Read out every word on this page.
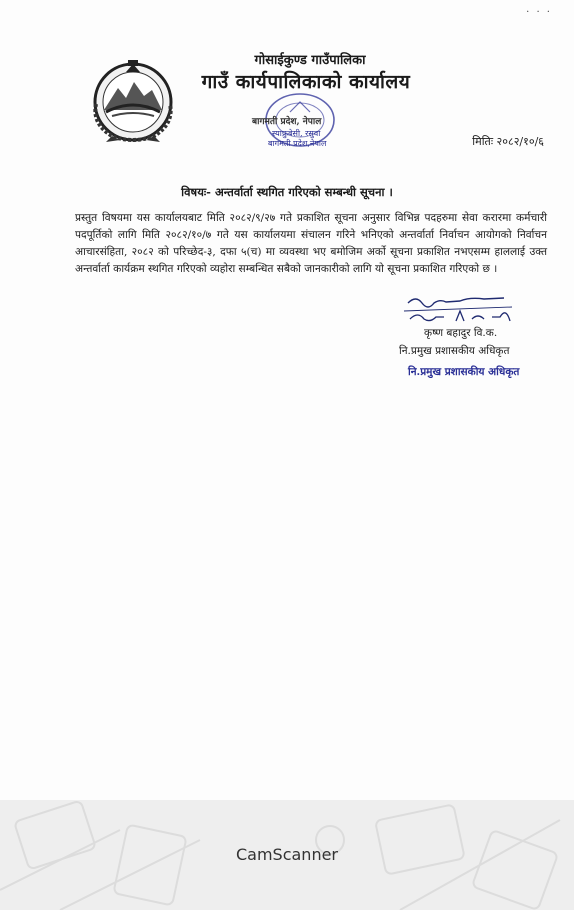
. . .
गोसाईकुण्ड गाउँपालिका
गाउँ कार्यपालिकाको कार्यालय
स्याफ्रुबेसी, रसुवा
बागमती प्रदेश,नेपाल
बागमती प्रदेश, नेपाल
मितिः २०८२/१०/६
विषयः- अन्तर्वार्ता स्थगित गरिएको सम्बन्धी सूचना ।
प्रस्तुत विषयमा यस कार्यालयबाट मिति २०८२/९/२७ गते प्रकाशित सूचना अनुसार विभिन्न पदहरुमा सेवा करारमा कर्मचारी पदपूर्तिको लागि मिति २०८२/१०/७ गते यस कार्यालयमा संचालन गरिने भनिएको अन्तर्वार्ता निर्वाचन आयोगको निर्वाचन आचारसंहिता, २०८२ को परिच्छेद-३, दफा ५(च) मा व्यवस्था भए बमोजिम अर्को सूचना प्रकाशित नभएसम्म हाललाई उक्त अन्तर्वार्ता कार्यक्रम स्थगित गरिएको व्यहोरा सम्बन्धित सबैको जानकारीको लागि यो सूचना प्रकाशित गरिएको छ ।
कृष्ण बहादुर वि.क.
नि.प्रमुख प्रशासकीय अधिकृत
नि.प्रमुख प्रशासकीय अधिकृत
CamScanner
